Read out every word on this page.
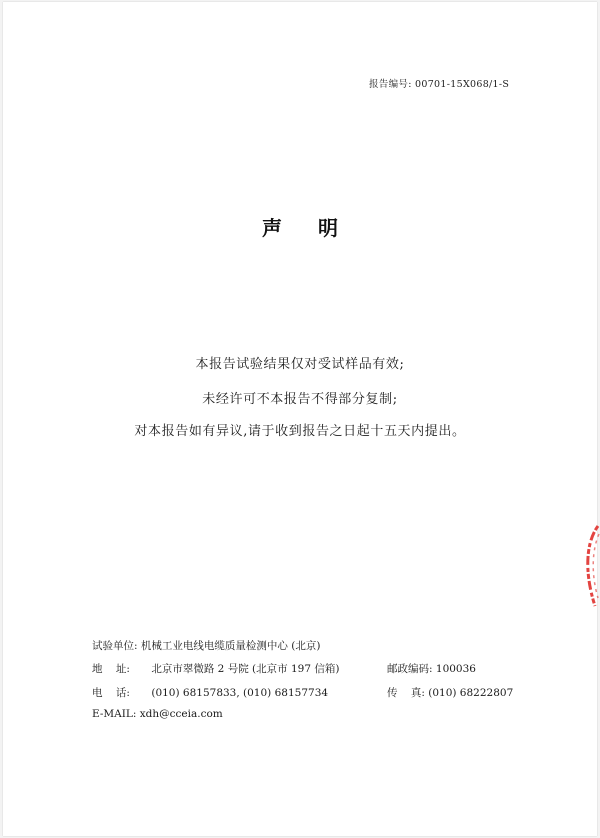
报告编号: 00701-15X068/1-S
声明
本报告试验结果仅对受试样品有效;
未经许可不本报告不得部分复制;
对本报告如有异议,请于收到报告之日起十五天内提出。
试验单位: 机械工业电线电缆质量检测中心 (北京)
地    址: 北京市翠微路 2 号院 (北京市 197 信箱)	邮政编码: 100036
电    话: (010) 68157833, (010) 68157734	传    真: (010) 68222807
E-MAIL: xdh@cceia.com
